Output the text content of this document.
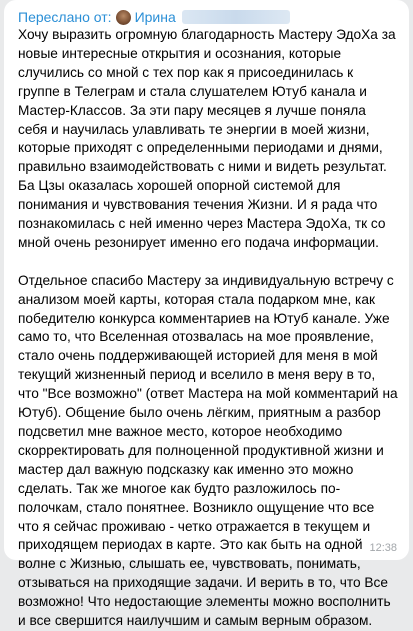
Переслано от: Ирина

Хочу выразить огромную благодарность Мастеру ЭдоХа за новые интересные открытия и осознания, которые случились со мной с тех пор как я присоединилась к группе в Телеграм и стала слушателем Ютуб канала и Мастер-Классов. За эти пару месяцев я лучше поняла себя и научилась улавливать те энергии в моей жизни, которые приходят с определенными периодами и днями, правильно взаимодействовать с ними и видеть результат. Ба Цзы оказалась хорошей опорной системой для понимания и чувствования течения Жизни. И я рада что познакомилась с ней именно через Мастера ЭдоХа, тк со мной очень резонирует именно его подача информации.

Отдельное спасибо Мастеру за индивидуальную встречу с анализом моей карты, которая стала подарком мне, как победителю конкурса комментариев на Ютуб канале. Уже само то, что Вселенная отозвалась на мое проявление, стало очень поддерживающей историей для меня в мой текущий жизненный период и вселило в меня веру в то, что "Все возможно" (ответ Мастера на мой комментарий на Ютуб). Общение было очень лёгким, приятным а разбор подсветил мне важное место, которое необходимо скорректировать для полноценной продуктивной жизни и мастер дал важную подсказку как именно это можно сделать. Так же многое как будто разложилось по-полочкам, стало понятнее. Возникло ощущение что все что я сейчас проживаю - четко отражается в текущем и приходящем периодах в карте. Это как быть на одной волне с Жизнью, слышать ее, чувствовать, понимать, отзываться на приходящие задачи. И верить в то, что Все возможно! Что недостающие элементы можно восполнить и все свершится наилучшим и самым верным образом.

12:38
